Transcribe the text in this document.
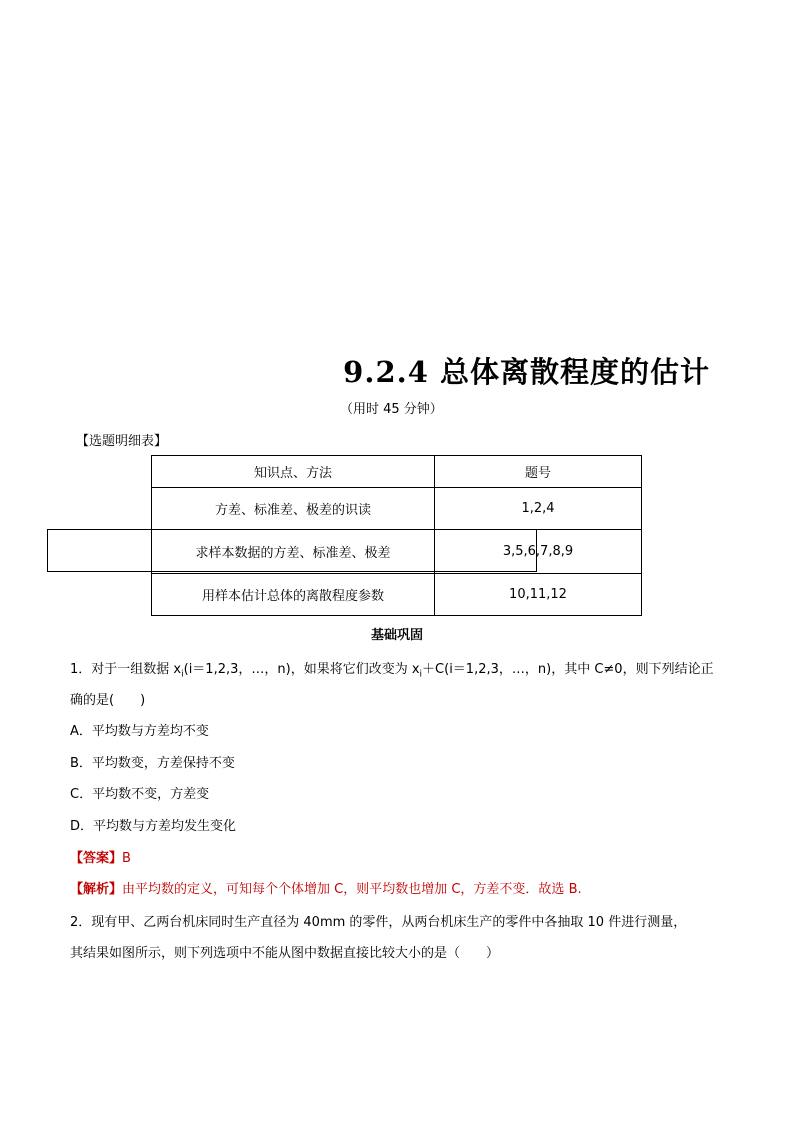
9.2.4 总体离散程度的估计
（用时 45 分钟）
【选题明细表】
知识点、方法	题号
方差、标准差、极差的识读	1,2,4
求样本数据的方差、标准差、极差	3,5,6,7,8,9
用样本估计总体的离散程度参数	10,11,12
基础巩固
1．对于一组数据 $x_i(i=1,2,3$，…，n)，如果将它们改变为 $x_i+C(i=1,2,3$，…，n)，其中 C≠0，则下列结论正
确的是(　　)
A．平均数与方差均不变
B．平均数变，方差保持不变
C．平均数不变，方差变
D．平均数与方差均发生变化
【答案】B
【解析】由平均数的定义，可知每个个体增加 C，则平均数也增加 C，方差不变．故选 B.
2．现有甲、乙两台机床同时生产直径为 40mm 的零件，从两台机床生产的零件中各抽取 10 件进行测量，
其结果如图所示，则下列选项中不能从图中数据直接比较大小的是（　　）
